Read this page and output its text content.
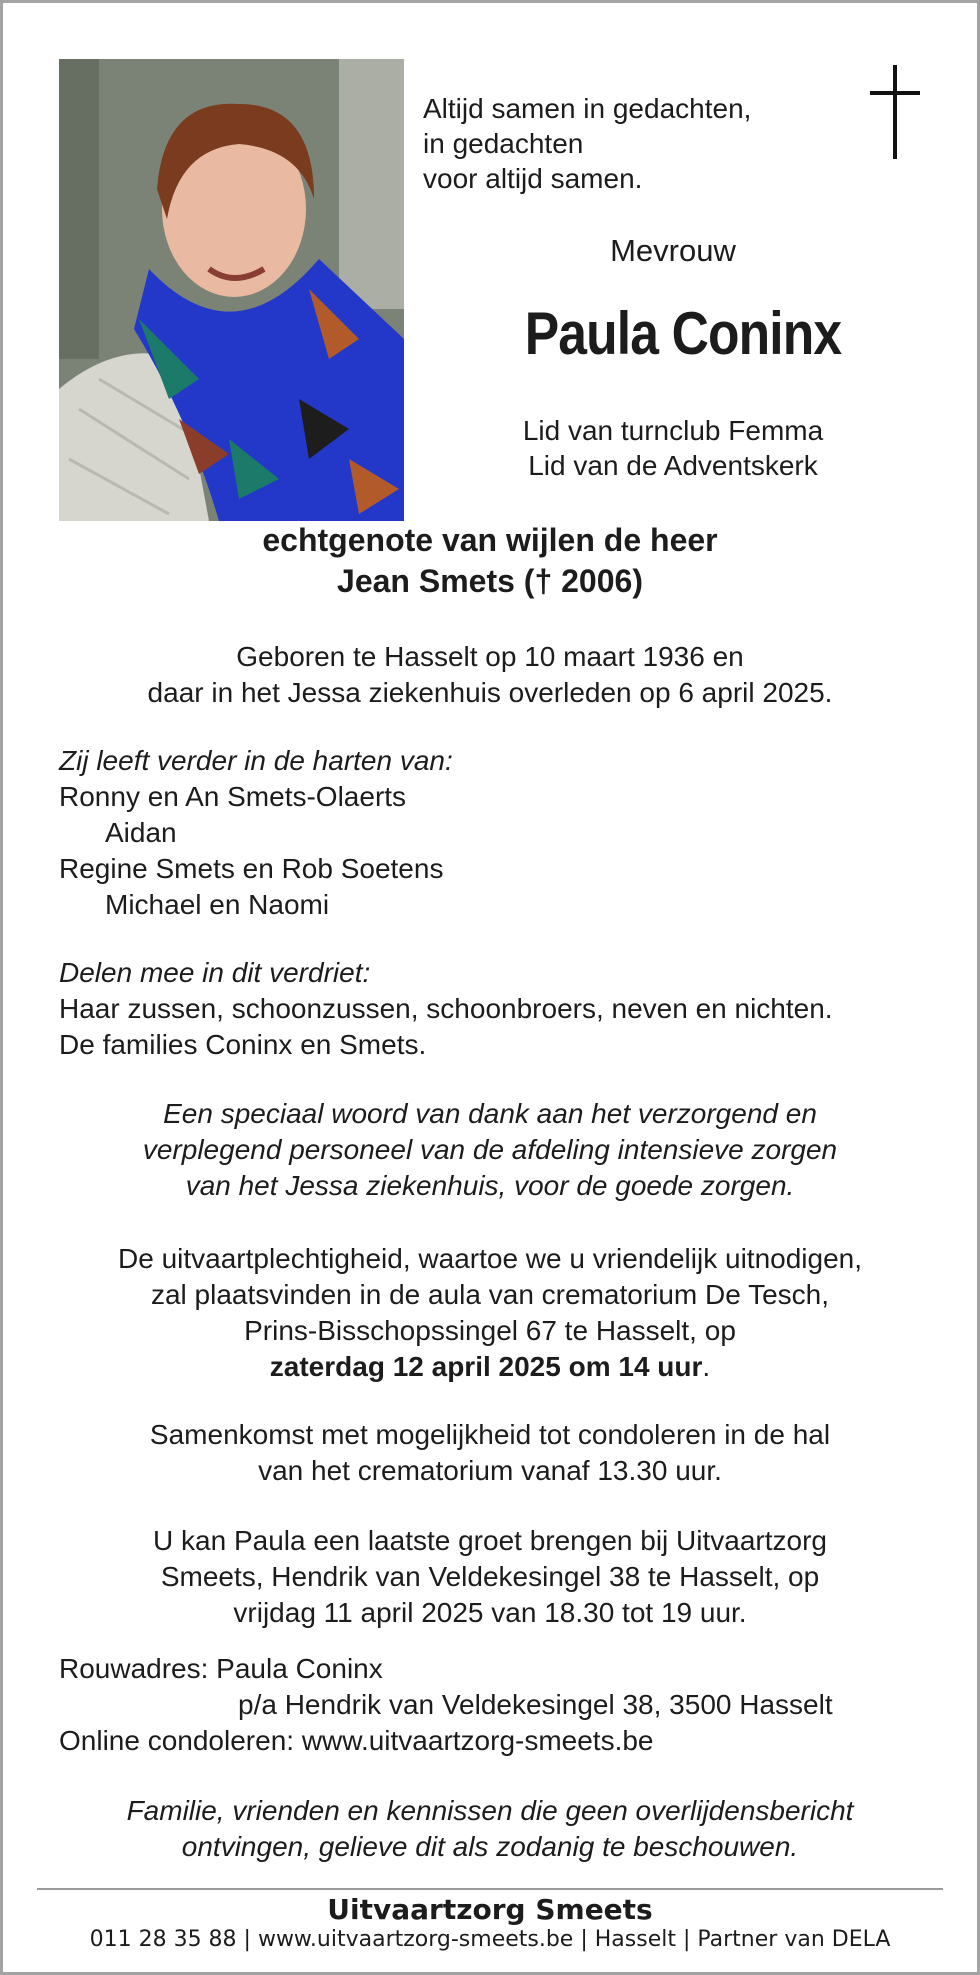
Altijd samen in gedachten,
in gedachten
voor altijd samen.
Mevrouw
Paula Coninx
Lid van turnclub Femma
Lid van de Adventskerk
echtgenote van wijlen de heer
Jean Smets († 2006)
Geboren te Hasselt op 10 maart 1936 en
daar in het Jessa ziekenhuis overleden op 6 april 2025.

Zij leeft verder in de harten van:

Ronny en An Smets-Olaerts

Aidan

Regine Smets en Rob Soetens

Michael en Naomi

Delen mee in dit verdriet:

Haar zussen, schoonzussen, schoonbroers, neven en nichten.

De families Coninx en Smets.

Een speciaal woord van dank aan het verzorgend en
verplegend personeel van de afdeling intensieve zorgen
van het Jessa ziekenhuis, voor de goede zorgen.
De uitvaartplechtigheid, waartoe we u vriendelijk uitnodigen,
zal plaatsvinden in de aula van crematorium De Tesch,
Prins-Bisschopssingel 67 te Hasselt, op
zaterdag 12 april 2025 om 14 uur.
Samenkomst met mogelijkheid tot condoleren in de hal
van het crematorium vanaf 13.30 uur.
U kan Paula een laatste groet brengen bij Uitvaartzorg
Smeets, Hendrik van Veldekesingel 38 te Hasselt, op
vrijdag 11 april 2025 van 18.30 tot 19 uur.

Rouwadres: Paula Coninx

p/a Hendrik van Veldekesingel 38, 3500 Hasselt

Online condoleren: www.uitvaartzorg-smeets.be

Familie, vrienden en kennissen die geen overlijdensbericht
ontvingen, gelieve dit als zodanig te beschouwen.
Uitvaartzorg Smeets
011 28 35 88 | www.uitvaartzorg-smeets.be | Hasselt | Partner van DELA
